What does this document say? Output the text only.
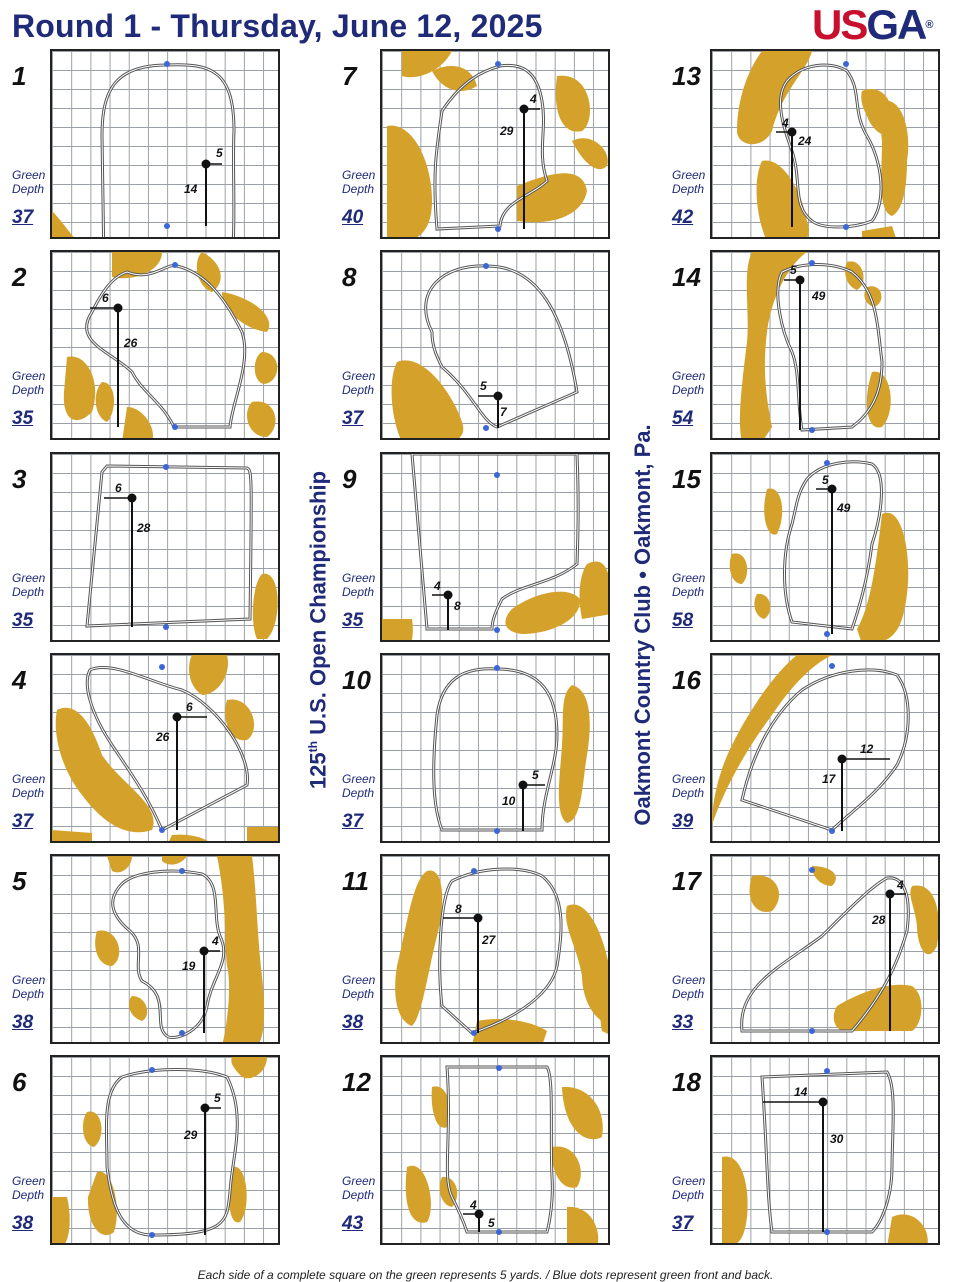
Round 1 - Thursday, June 12, 2025	USGA®
125th U.S. Open Championship	Oakmont Country Club • Oakmont, Pa.
1
Green
Depth
37
5
14
2
Green
Depth
35
6
26
3
Green
Depth
35
6
28
4
Green
Depth
37
6
26
5
Green
Depth
38
4
19
6
Green
Depth
38
5
29
7
Green
Depth
40
4
29
8
Green
Depth
37
5
7
9
Green
Depth
35
4
8
10
Green
Depth
37
5
10
11
Green
Depth
38
8
27
12
Green
Depth
43
4
5
13
Green
Depth
42
4
24
14
Green
Depth
54
5
49
15
Green
Depth
58
5
49
16
Green
Depth
39
12
17
17
Green
Depth
33
4
28
18
Green
Depth
37
14
30
Each side of a complete square on the green represents 5 yards. / Blue dots represent green front and back.
